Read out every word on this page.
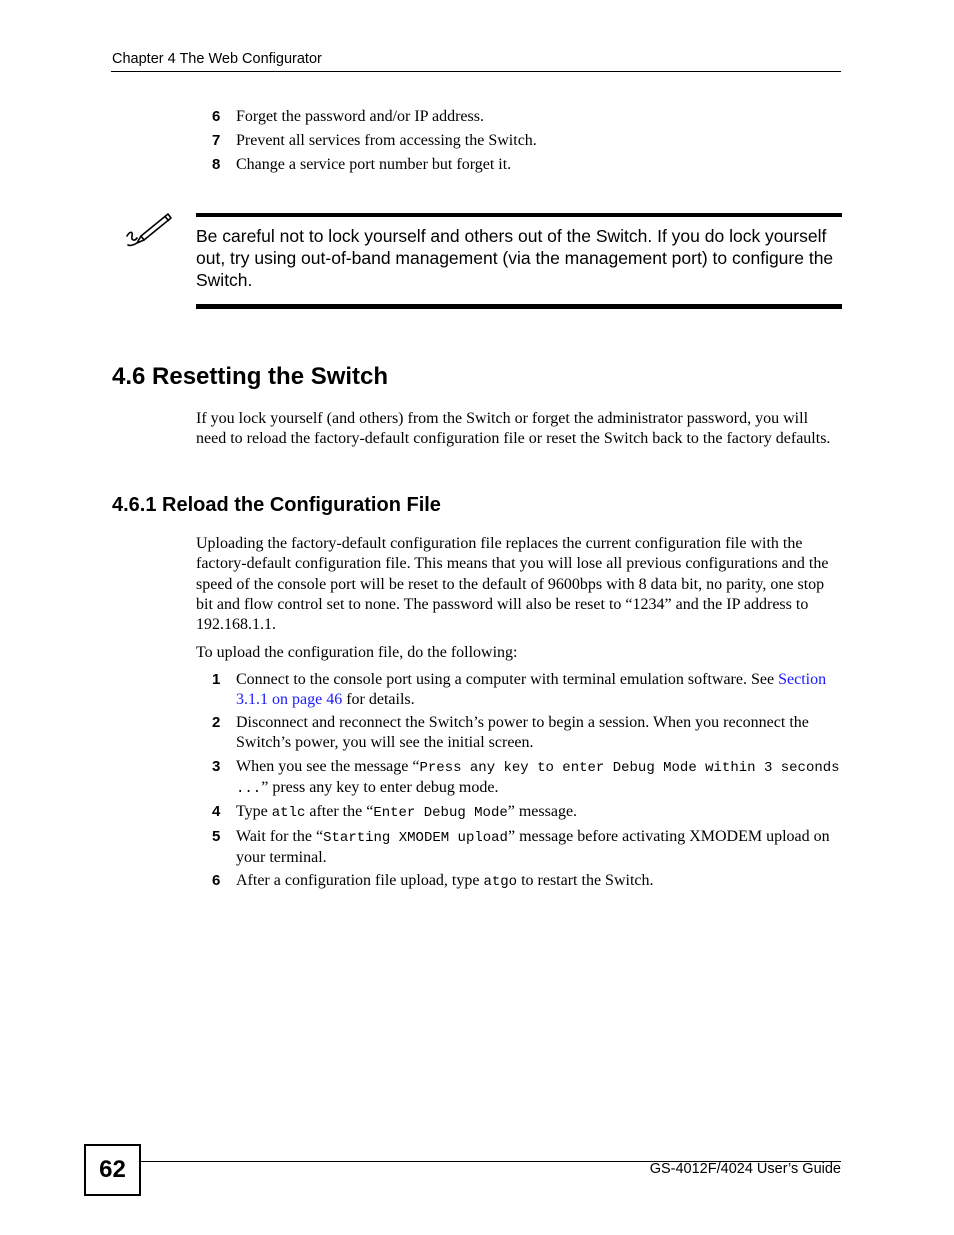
Chapter 4 The Web Configurator
6 Forget the password and/or IP address.
7 Prevent all services from accessing the Switch.
8 Change a service port number but forget it.
Be careful not to lock yourself and others out of the Switch. If you do lock yourself out, try using out-of-band management (via the management port) to configure the Switch.
4.6 Resetting the Switch

If you lock yourself (and others) from the Switch or forget the administrator password, you will need to reload the factory-default configuration file or reset the Switch back to the factory defaults.

4.6.1 Reload the Configuration File

Uploading the factory-default configuration file replaces the current configuration file with the factory-default configuration file. This means that you will lose all previous configurations and the speed of the console port will be reset to the default of 9600bps with 8 data bit, no parity, one stop bit and flow control set to none. The password will also be reset to “1234” and the IP address to 192.168.1.1.

To upload the configuration file, do the following:

1 Connect to the console port using a computer with terminal emulation software. See Section 3.1.1 on page 46 for details.
2 Disconnect and reconnect the Switch’s power to begin a session. When you reconnect the Switch’s power, you will see the initial screen.
3 When you see the message “Press any key to enter Debug Mode within 3 seconds ...” press any key to enter debug mode.
4 Type atlc after the “Enter Debug Mode” message.
5 Wait for the “Starting XMODEM upload” message before activating XMODEM upload on your terminal.
6 After a configuration file upload, type atgo to restart the Switch.
62	GS-4012F/4024 User’s Guide
